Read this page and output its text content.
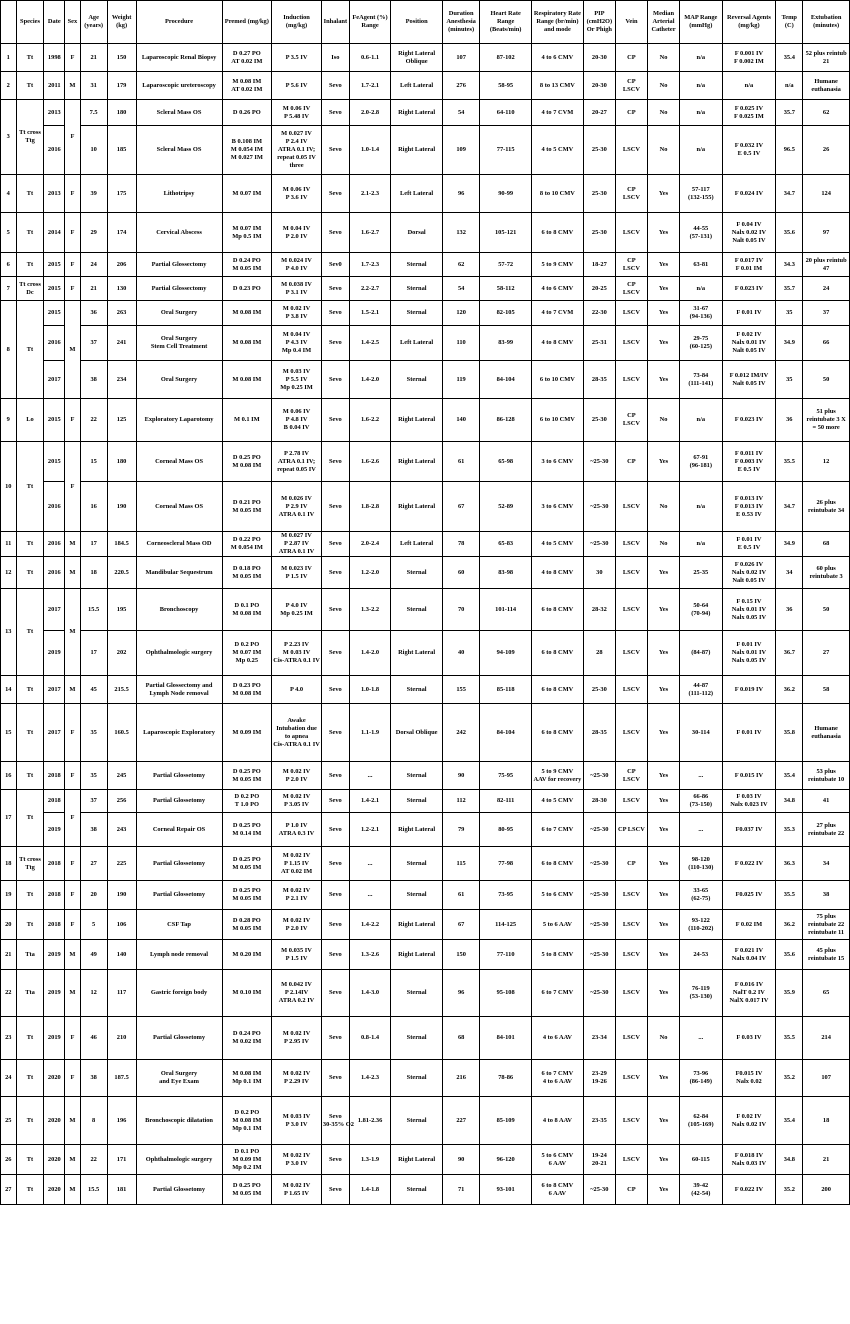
	Species	Date	Sex	Age (years)	Weight (kg)	Procedure	Premed (mg/kg)	Induction (mg/kg)	Inhalant	FeAgent (%) Range	Position	Duration Anesthesia (minutes)	Heart Rate Range (Beats/min)	Respiratory Rate Range (br/min) and mode	PIP (cmH2O) Or Phigh	Vein	Median Arterial Catheter	MAP Range (mmHg)	Reversal Agents (mg/kg)	Temp (C)	Extubation (minutes)
1	Tt	1998	F	21	150	Laparoscopic Renal Biopsy	D 0.27 PO
AT 0.02 IM	P 3.5 IV	Iso	0.6-1.1	Right Lateral Oblique	107	87-102	4 to 6 CMV	20-30	CP	No	n/a	F 0.001 IV
F 0.002 IM	35.4	52 plus reintub 21
2	Tt	2011	M	31	179	Laparoscopic ureteroscopy	M 0.08 IM
AT 0.02 IM	P 5.6 IV	Sevo	1.7-2.1	Left Lateral	276	58-95	8 to 13 CMV	20-30	CP
LSCV	No	n/a	n/a	n/a	Humane euthanasia

3	Tt cross Ttg	2013	F	7.5	180	Scleral Mass OS	D 0.26 PO	M 0.06 IV
P 5.48 IV	Sevo	2.0-2.8	Right Lateral	54	64-110	4 to 7 CVM	20-27	CP	No	n/a	F 0.025 IV
F 0.025 IM	35.7	62
		2016		10	185	Scleral Mass OS	B 0.108 IM
M 0.054 IM
M 0.027 IM	M 0.027 IV
P 2.4 IV
ATRA 0.1 IV; repeat 0.05 IV three	Sevo	1.0-1.4	Right Lateral	109	77-115	4 to 5 CMV	25-30	LSCV	No	n/a	F 0.032 IV
E 0.5 IV	96.5	26
4	Tt	2013	F	39	175	Lithotripsy	M 0.07 IM	M 0.06 IV
P 3.6 IV	Sevo	2.1-2.3	Left Lateral	96	90-99	8 to 10 CMV	25-30	CP
LSCV	Yes	57-117
(132-155)	F 0.024 IV	34.7	124
5	Tt	2014	F	29	174	Cervical Abscess	M 0.07 IM
Mp 0.5 IM	M 0.04 IV
P 2.0 IV	Sevo	1.6-2.7	Dorsal	132	105-121	6 to 8 CMV	25-30	LSCV	Yes	44-55
(57-131)	F 0.04 IV
Nalx 0.02 IV
Nalt 0.05 IV	35.6	97
6	Tt	2015	F	24	206	Partial Glossectomy	D 0.24 PO
M 0.05 IM	M 0.024 IV
P 4.0 IV	Sev0	1.7-2.3	Sternal	62	57-72	5 to 9 CMV	18-27	CP
LSCV	Yes	63-81	F 0.017 IV
F 0.01 IM	34.3	20 plus reintub 47
7	Tt cross Dc	2015	F	21	130	Partial Glossectomy	D 0.23 PO	M 0.038 IV
P 3.1 IV	Sevo	2.2-2.7	Sternal	54	58-112	4 to 6 CMV	20-25	CP
LSCV	Yes	n/a	F 0.023 IV	35.7	24

8	Tt	2015	M	36	263	Oral Surgery	M 0.08 IM	M 0.02 IV
P 3.8 IV	Sevo	1.5-2.1	Sternal	120	82-105	4 to 7 CVM	22-30	LSCV	Yes	31-67
(94-136)	F 0.01 IV	35	37
		2016		37	241	Oral Surgery
Stem Cell Treatment	M 0.08 IM	M 0.04 IV
P 4.3 IV
Mp 0.4 IM	Sevo	1.4-2.5	Left Lateral	110	83-99	4 to 8 CMV	25-31	LSCV	Yes	29-75
(60-125)	F 0.02 IV
Nalx 0.01 IV
Nalt 0.05 IV	34.9	66
		2017		38	234	Oral Surgery	M 0.08 IM	M 0.03 IV
P 5.5 IV
Mp 0.25 IM	Sevo	1.4-2.0	Sternal	119	84-104	6 to 10 CMV	28-35	LSCV	Yes	73-84
(111-141)	F 0.012 IM/IV
Nalt 0.05 IV	35	50
9	Lo	2015	F	22	125	Exploratory Laparotomy	M 0.1 IM	M 0.06 IV
P 4.8 IV
B 0.04 IV	Sevo	1.6-2.2	Right Lateral	140	86-128	6 to 10 CMV	25-30	CP
LSCV	No	n/a	F 0.023 IV	36	51 plus reintubate 3 X = 50 more

10	Tt	2015	F	15	180	Corneal Mass OS	D 0.25 PO
M 0.08 IM	P 2.78 IV
ATRA 0.1 IV; repeat 0.05 IV	Sevo	1.6-2.6	Right Lateral	61	65-98	3 to 6 CMV	~25-30	CP	Yes	67-91
(96-181)	F 0.011 IV
F 0.003 IV
E 0.5 IV	35.5	12
		2016		16	190	Corneal Mass OS	D 0.21 PO
M 0.05 IM	M 0.026 IV
P 2.9 IV
ATRA 0.1 IV	Sevo	1.8-2.8	Right Lateral	67	52-89	3 to 6 CMV	~25-30	LSCV	No	n/a	F 0.013 IV
F 0.013 IV
E 0.53 IV	34.7	26 plus reintubate 34
11	Tt	2016	M	17	184.5	Corneoscleral Mass OD	D 0.22 PO
M 0.054 IM	M 0.027 IV
P 2.87 IV
ATRA 0.1 IV	Sevo	2.0-2.4	Left Lateral	78	65-83	4 to 5 CMV	~25-30	LSCV	No	n/a	F 0.01 IV
E 0.5 IV	34.9	68
12	Tt	2016	M	18	220.5	Mandibular Sequestrum	D 0.18 PO
M 0.05 IM	M 0.023 IV
P 1.5 IV	Sevo	1.2-2.0	Sternal	60	83-98	4 to 8 CMV	30	LSCV	Yes	25-35	F 0.026 IV
Nalx 0.02 IV
Nalt 0.05 IV	34	60 plus reintubate 3

13	Tt	2017	M	15.5	195	Bronchoscopy	D 0.1 PO
M 0.08 IM	P 4.0 IV
Mp 0.25 IM	Sevo	1.3-2.2	Sternal	70	101-114	6 to 8 CMV	28-32	LSCV	Yes	50-64
(70-94)	F 0.15 IV
Nalx 0.01 IV
Nalx 0.05 IV	36	50
		2019		17	202	Ophthalmologic surgery	D 0.2 PO
M 0.07 IM
Mp 0.25	P 2.23 IV
M 0.03 IV
Cis-ATRA 0.1 IV	Sevo	1.4-2.0	Right Lateral	40	94-109	6 to 8 CMV	28	LSCV	Yes	(84-87)	F 0.01 IV
Nalx 0.01 IV
Nalx 0.05 IV	36.7	27
14	Tt	2017	M	45	215.5	Partial Glossectomy and Lymph Node removal	D 0.23 PO
M 0.08 IM	P 4.0	Sevo	1.0-1.8	Sternal	155	85-118	6 to 8 CMV	25-30	LSCV	Yes	44-87
(111-112)	F 0.019 IV	36.2	58
15	Tt	2017	F	35	160.5	Laparoscopic Exploratory	M 0.09 IM	Awake Intubation due to apnea
Cis-ATRA 0.1 IV	Sevo	1.1-1.9	Dorsal Oblique	242	84-104	6 to 8 CMV	28-35	LSCV	Yes	30-114	F 0.01 IV	35.8	Humane euthanasia
16	Tt	2018	F	35	245	Partial Glossetomy	D 0.25 PO
M 0.05 IM	M 0.02 IV
P 2.0 IV	Sevo	...	Sternal	90	75-95	5 to 9 CMV
AAV for recovery	~25-30	CP
LSCV	Yes	...	F 0.015 IV	35.4	53 plus reintubate 10

17	Tt	2018	F	37	256	Partial Glossetomy	D 0.2 PO
T 1.0 PO	M 0.02 IV
P 3.05 IV	Sevo	1.4-2.1	Sternal	112	82-111	4 to 5 CMV	28-30	LSCV	Yes	66-86
(73-150)	F 0.03 IV
Nalx 0.023 IV	34.8	41
		2019		38	243	Corneal Repair OS	D 0.25 PO
M 0.14 IM	P 1.0 IV
ATRA 0.3 IV	Sevo	1.2-2.1	Right Lateral	79	80-95	6 to 7 CMV	~25-30	CP LSCV	Yes	...	F0.037 IV	35.3	27 plus reintubate 22
18	Tt cross Ttg	2018	F	27	225	Partial Glossetomy	D 0.25 PO
M 0.05 IM	M 0.02 IV
P 1.15 IV
AT 0.02 IM	Sevo	...	Sternal	115	77-98	6 to 8 CMV	~25-30	CP	Yes	98-120
(110-130)	F 0.022 IV	36.3	34
19	Tt	2018	F	20	190	Partial Glossetomy	D 0.25 PO
M 0.05 IM	M 0.02 IV
P 2.1 IV	Sevo	...	Sternal	61	73-95	5 to 6 CMV	~25-30	LSCV	Yes	33-65
(62-75)	F0.025 IV	35.5	38
20	Tt	2018	F	5	106	CSF Tap	D 0.28 PO
M 0.05 IM	M 0.02 IV
P 2.0 IV	Sevo	1.4-2.2	Right Lateral	67	114-125	5 to 6 AAV	~25-30	LSCV	Yes	93-122
(110-202)	F 0.02 IM	36.2	75 plus reintubate 22 reintubate 11
21	Tta	2019	M	49	140	Lymph node removal	M 0.20 IM	M 0.035 IV
P 1.5 IV	Sevo	1.3-2.6	Right Lateral	150	77-110	5 to 8 CMV	~25-30	LSCV	Yes	24-53	F 0.021 IV
Nalx 0.04 IV	35.6	45 plus reintubate 15
22	Tta	2019	M	12	117	Gastric foreign body	M 0.10 IM	M 0.042 IV
P 2.14IV
ATRA 0.2 IV	Sevo	1.4-3.0	Sternal	96	95-108	6 to 7 CMV	~25-30	LSCV	Yes	76-119
(53-130)	F 0.016 IV
NalT 0.2 IV
NalX 0.017 IV	35.9	65
23	Tt	2019	F	46	210	Partial Glossetomy	D 0.24 PO
M 0.02 IM	M 0.02 IV
P 2.95 IV	Sevo	0.8-1.4	Sternal	68	84-101	4 to 6 AAV	23-34	LSCV	No	...	F 0.03 IV	35.5	214
24	Tt	2020	F	38	187.5	Oral Surgery
and Eye Exam	M 0.08 IM
Mp 0.1 IM	M 0.02 IV
P 2.29 IV	Sevo	1.4-2.3	Sternal	216	78-86	6 to 7 CMV
4 to 6 AAV	23-29
19-26	LSCV	Yes	73-96
(86-149)	F0.015 IV
Nalx 0.02	35.2	107
25	Tt	2020	M	8	196	Bronchoscopic dilatation	D 0.2 PO
M 0.08 IM
Mp 0.1 IM	M 0.03 IV
P 3.0 IV	Sevo
30-35% O2	1.81-2.36	Sternal	227	85-109	4 to 8 AAV	23-35	LSCV	Yes	62-84
(105-169)	F 0.02 IV
Nalx 0.02 IV	35.4	18
26	Tt	2020	M	22	171	Ophthalmologic surgery	D 0.1 PO
M 0.09 IM
Mp 0.2 IM	M 0.02 IV
P 3.0 IV	Sevo	1.3-1.9	Right Lateral	90	96-120	5 to 6 CMV
6 AAV	19-24
20-21	LSCV	Yes	60-115	F 0.018 IV
Nalx 0.03 IV	34.8	21
27	Tt	2020	M	15.5	181	Partial Glossetomy	D 0.25 PO
M 0.05 IM	M 0.02 IV
P 1.65 IV	Sevo	1.4-1.8	Sternal	71	93-101	6 to 8 CMV
6 AAV	~25-30	CP	Yes	39-42
(42-54)	F 0.022 IV	35.2	200
